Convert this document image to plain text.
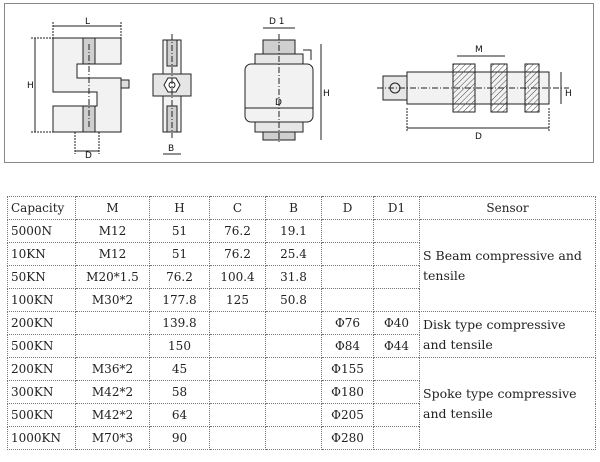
L
H
D
B
D 1
H
D
M
H
D
Capacity	M	H	C	B	D	D1	Sensor
5000N	M12	51	76.2	19.1			S Beam compressive and tensile
10KN	M12	51	76.2	25.4			
50KN	M20*1.5	76.2	100.4	31.8			
100KN	M30*2	177.8	125	50.8			
200KN		139.8			Φ76	Φ40	Disk type compressive and tensile
500KN		150			Φ84	Φ44	
200KN	M36*2	45			Φ155		Spoke type compressive and tensile
300KN	M42*2	58			Φ180		
500KN	M42*2	64			Φ205		
1000KN	M70*3	90			Φ280		
